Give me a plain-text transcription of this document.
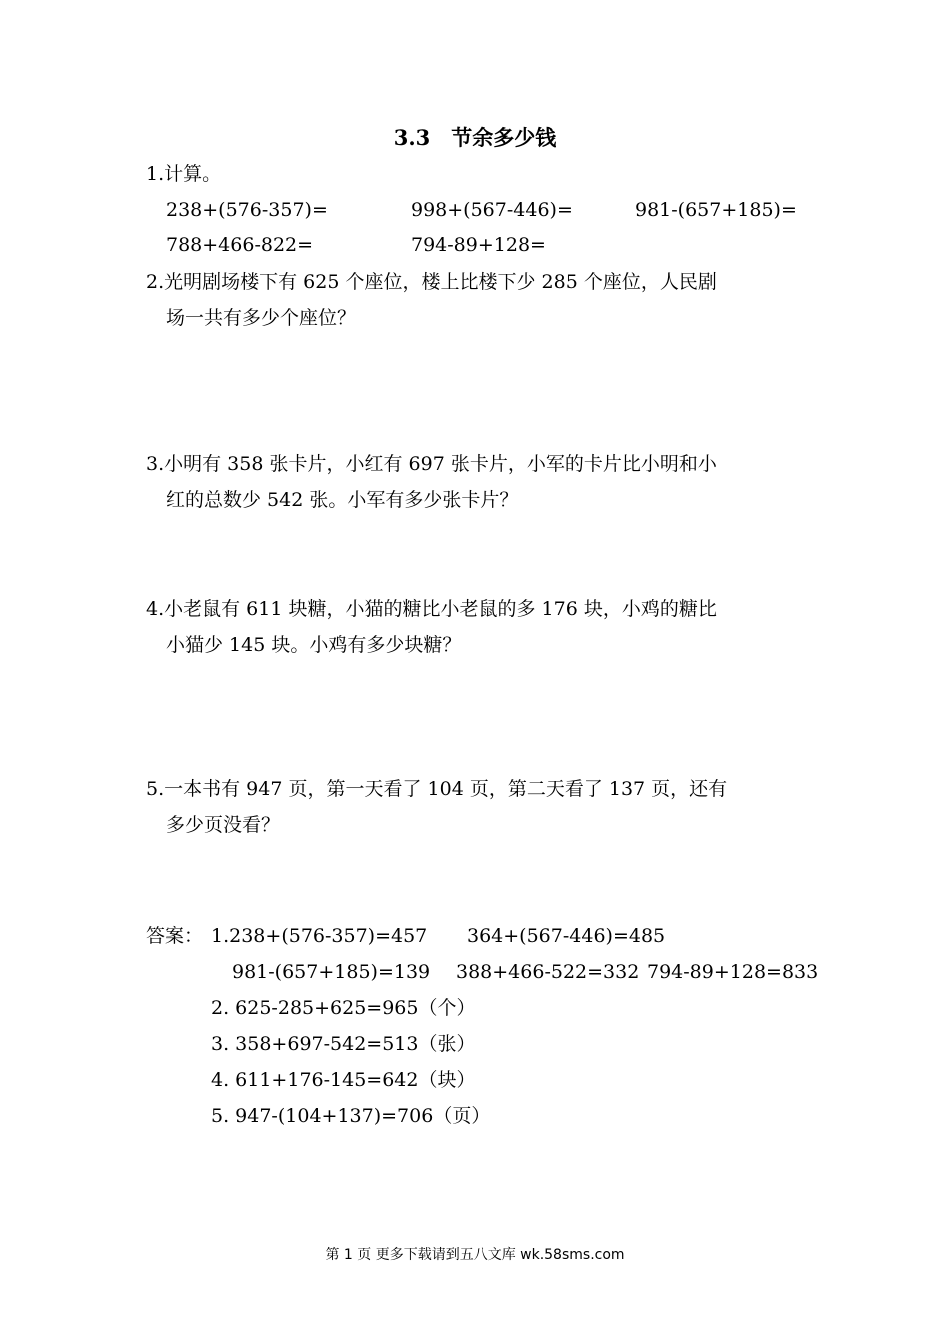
3.3　节余多少钱
1.计算。
238+(576-357)=	998+(567-446)=	981-(657+185)=
788+466-822=	794-89+128=
2.光明剧场楼下有 625 个座位，楼上比楼下少 285 个座位，人民剧
场一共有多少个座位？
3.小明有 358 张卡片，小红有 697 张卡片，小军的卡片比小明和小
红的总数少 542 张。小军有多少张卡片？
4.小老鼠有 611 块糖，小猫的糖比小老鼠的多 176 块，小鸡的糖比
小猫少 145 块。小鸡有多少块糖？
5.一本书有 947 页，第一天看了 104 页，第二天看了 137 页，还有
多少页没看？
答案： 1.238+(576-357)=457 364+(567-446)=485
981-(657+185)=139 388+466-522=332 794-89+128=833
2. 625-285+625=965（个）
3. 358+697-542=513（张）
4. 611+176-145=642（块）
5. 947-(104+137)=706（页）
第 1 页 更多下载请到五八文库 wk.58sms.com
